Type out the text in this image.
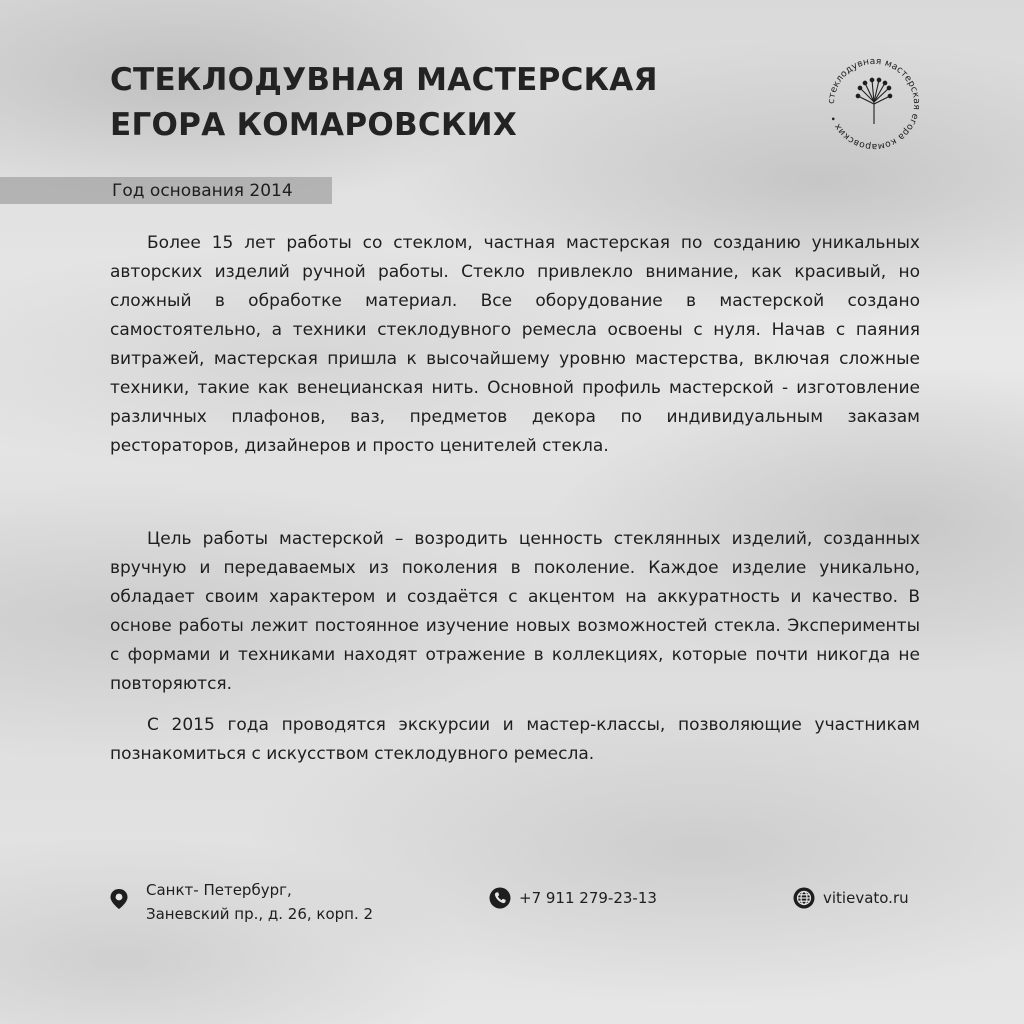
СТЕКЛОДУВНАЯ МАСТЕРСКАЯ
ЕГОРА КОМАРОВСКИХ
стеклодувная мастерская егора комаровских •
Год основания 2014

Более 15 лет работы со стеклом, частная мастерская по созданию уникальных авторских изделий ручной работы. Стекло привлекло внимание, как красивый, но сложный в обработке материал. Все оборудование в мастерской создано самостоятельно, а техники стеклодувного ремесла освоены с нуля. Начав с паяния витражей, мастерская пришла к высочайшему уровню мастерства, включая сложные техники, такие как венецианская нить. Основной профиль мастерской - изготовление различных плафонов, ваз, предметов декора по индивидуальным заказам рестораторов, дизайнеров и просто ценителей стекла.

Цель работы мастерской – возродить ценность стеклянных изделий, созданных вручную и передаваемых из поколения в поколение. Каждое изделие уникально, обладает своим характером и создаётся с акцентом на аккуратность и качество. В основе работы лежит постоянное изучение новых возможностей стекла. Эксперименты с формами и техниками находят отражение в коллекциях, которые почти никогда не повторяются.

С 2015 года проводятся экскурсии и мастер-классы, позволяющие участникам познакомиться с искусством стеклодувного ремесла.

Санкт- Петербург,
Заневский пр., д. 26, корп. 2
+7 911 279-23-13	vitievato.ru
